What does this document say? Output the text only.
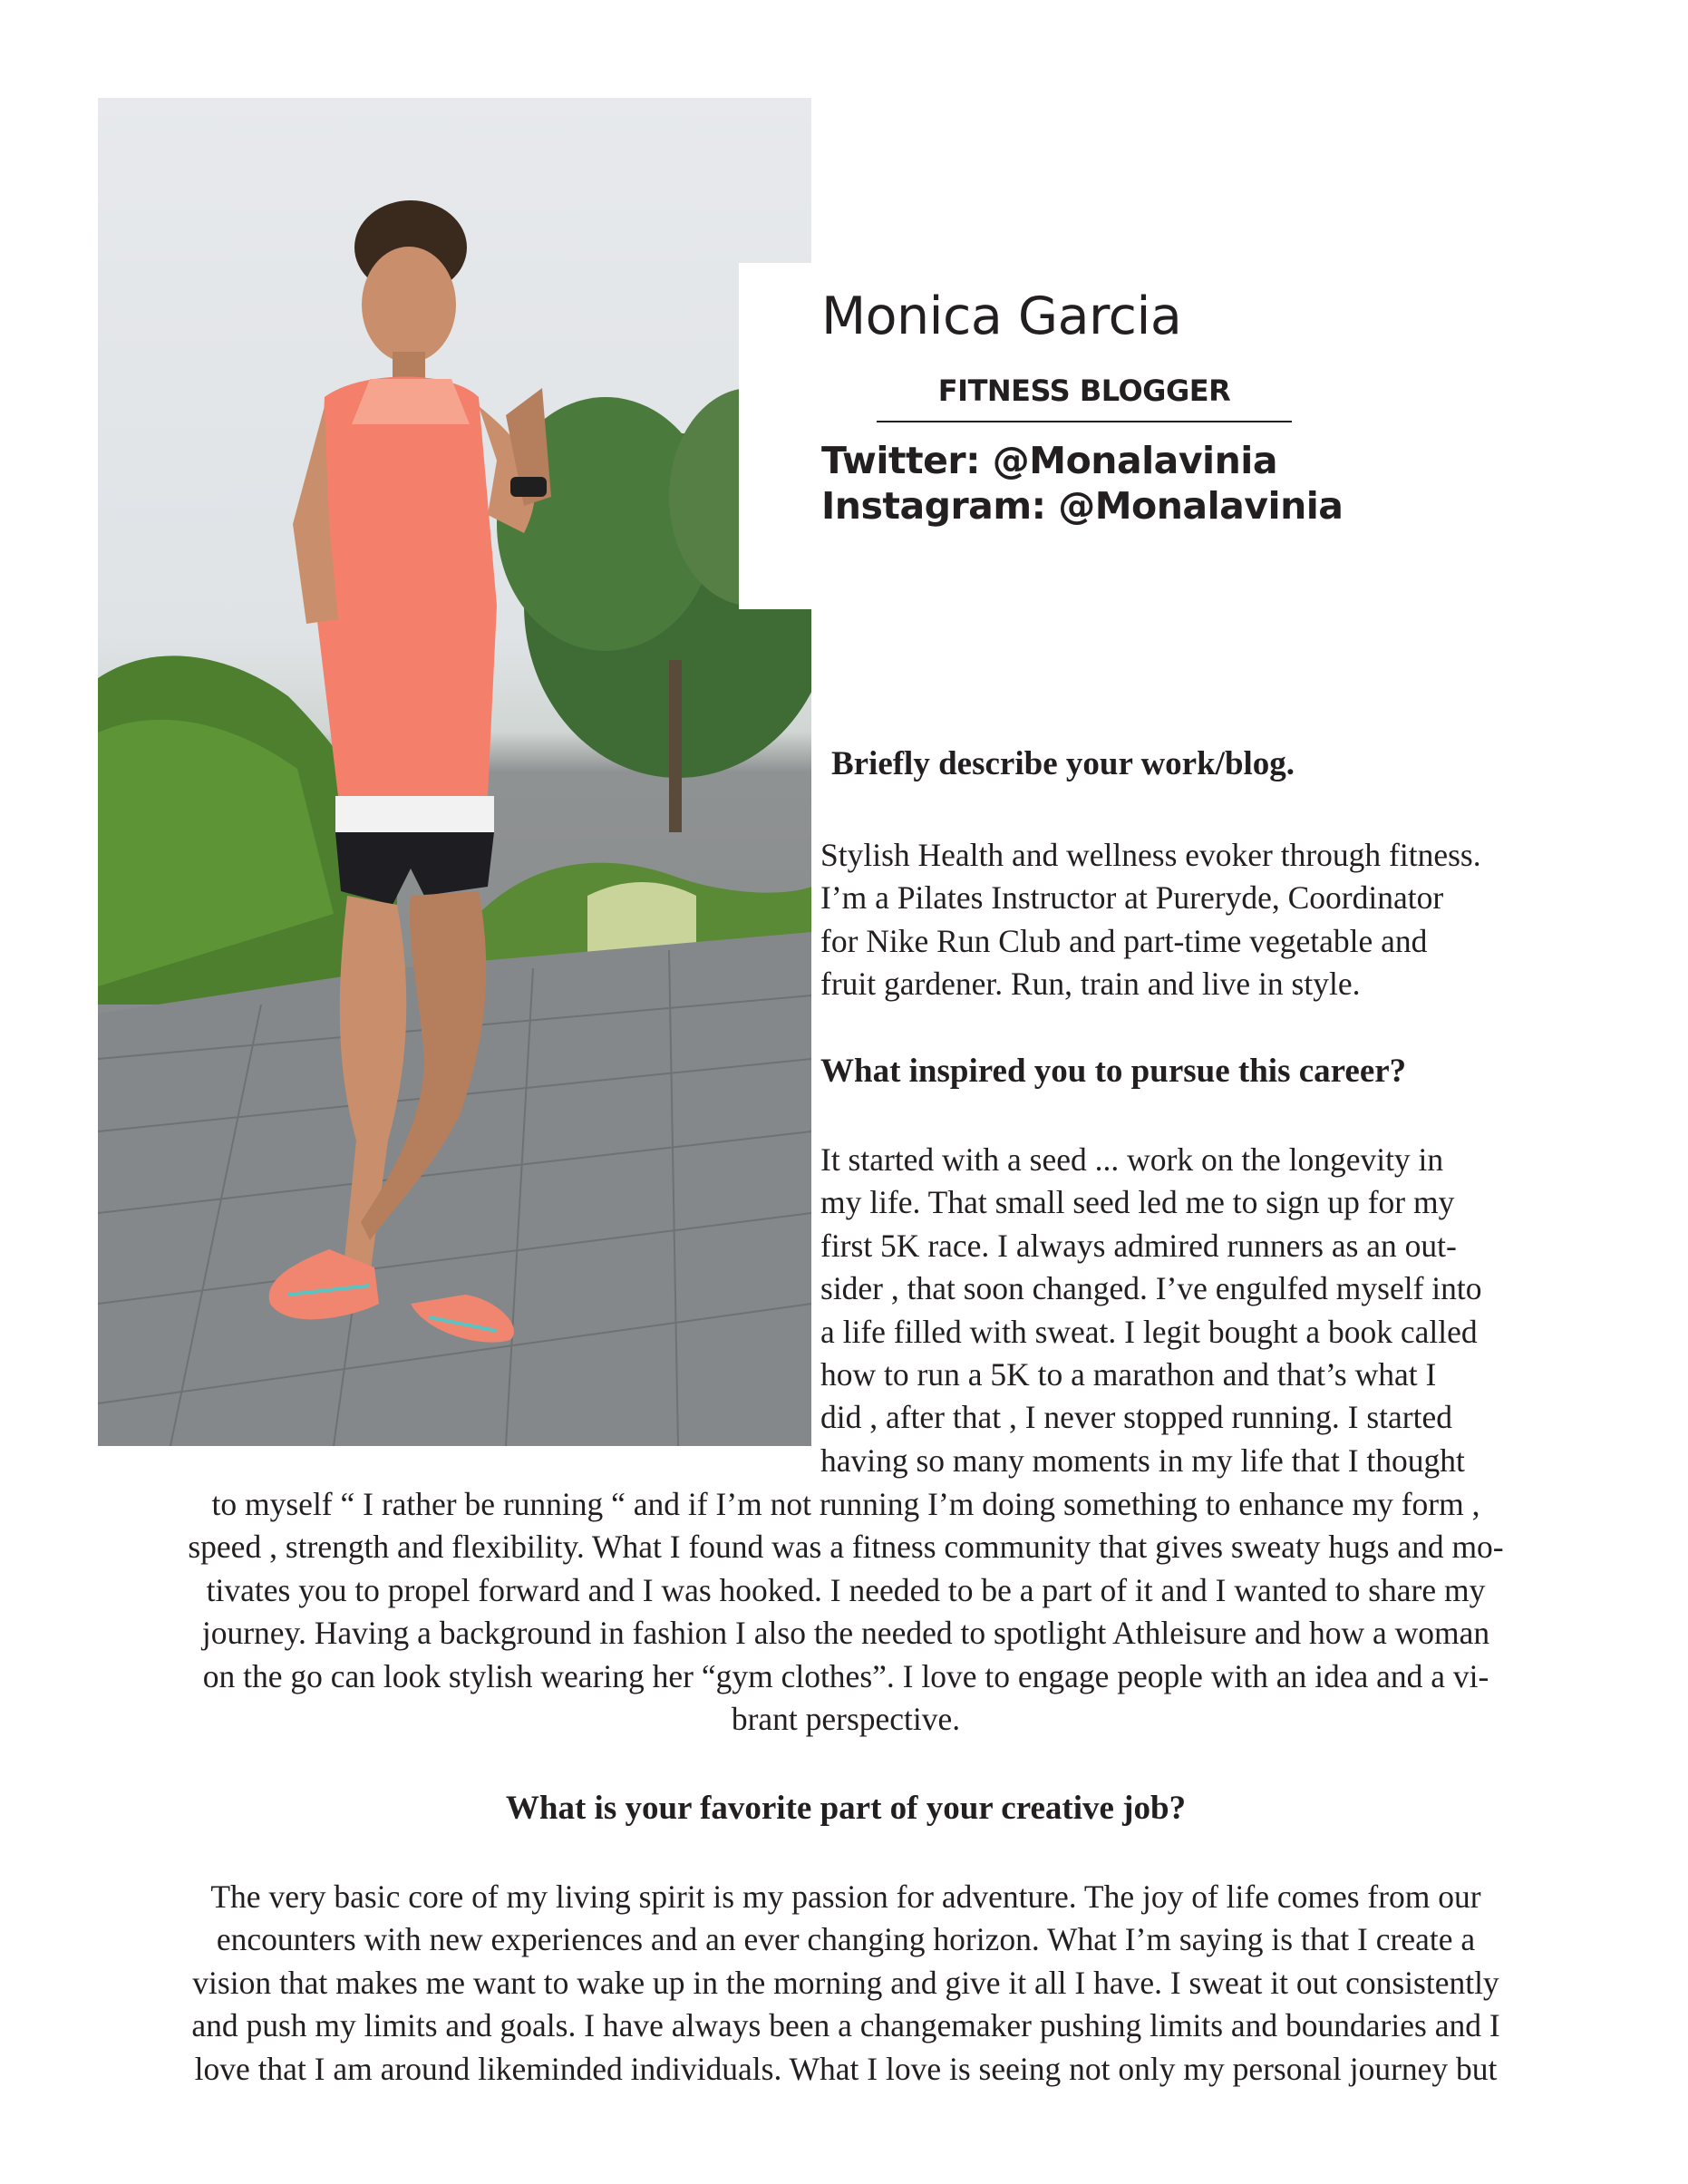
Monica Garcia
FITNESS BLOGGER
Twitter: @Monalavinia
Instagram: @Monalavinia
Briefly describe your work/blog.
Stylish Health and wellness evoker through fitness.
I’m a Pilates Instructor at Pureryde, Coordinator
for Nike Run Club and part-time vegetable and
fruit gardener. Run, train and live in style.
What inspired you to pursue this career?
It started with a seed ... work on the longevity in
my life. That small seed led me to sign up for my
first 5K race. I always admired runners as an out-
sider , that soon changed. I’ve engulfed myself into
a life filled with sweat. I legit bought a book called
how to run a 5K to a marathon and that’s what I
did , after that , I never stopped running. I started
having so many moments in my life that I thought
to myself “ I rather be running “ and if I’m not running I’m doing something to enhance my form ,
speed , strength and flexibility. What I found was a fitness community that gives sweaty hugs and mo-
tivates you to propel forward and I was hooked. I needed to be a part of it and I wanted to share my
journey. Having a background in fashion I also the needed to spotlight Athleisure and how a woman
on the go can look stylish wearing her “gym clothes”. I love to engage people with an idea and a vi-
brant perspective.
What is your favorite part of your creative job?
The very basic core of my living spirit is my passion for adventure. The joy of life comes from our
encounters with new experiences and an ever changing horizon. What I’m saying is that I create a
vision that makes me want to wake up in the morning and give it all I have. I sweat it out consistently
and push my limits and goals. I have always been a changemaker pushing limits and boundaries and I
love that I am around likeminded individuals. What I love is seeing not only my personal journey but
